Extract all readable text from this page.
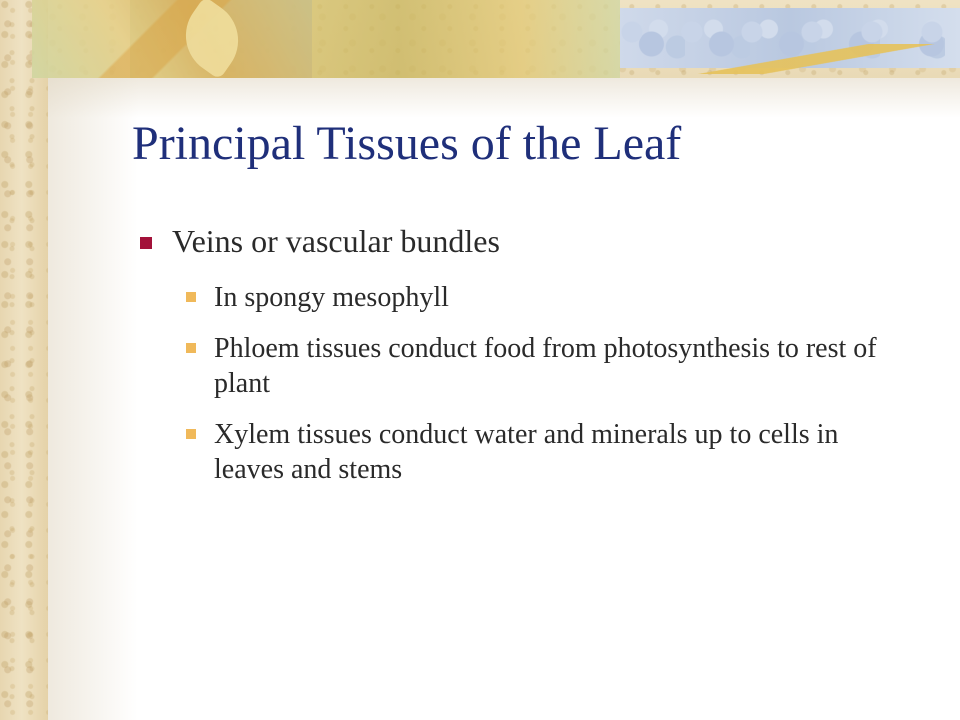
Principal Tissues of the Leaf
Veins or vascular bundles
In spongy mesophyll
Phloem tissues conduct food from photosynthesis to rest of plant
Xylem tissues conduct water and minerals up to cells in leaves and stems
